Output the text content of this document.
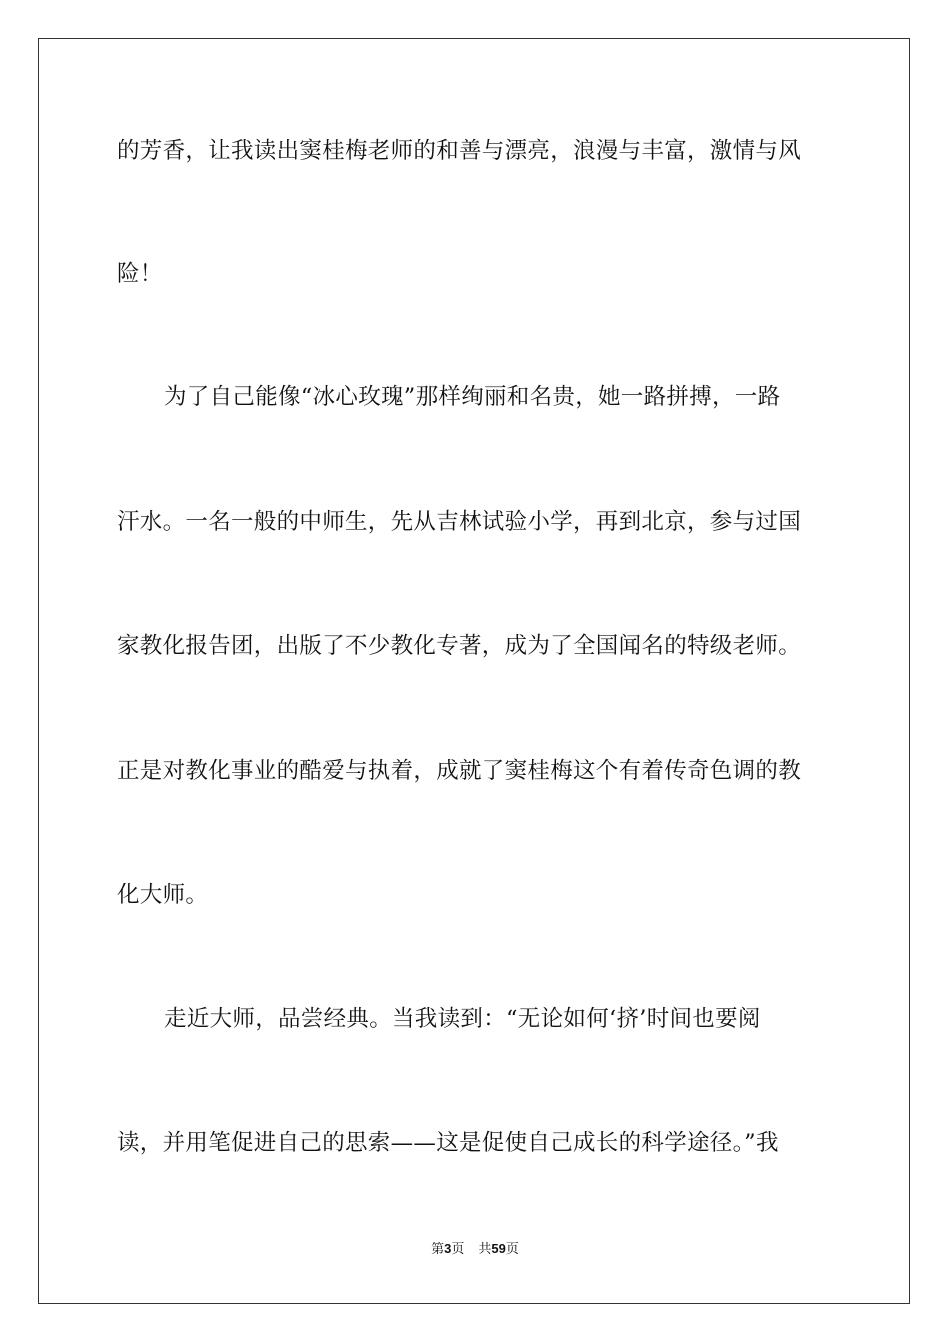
的芳香，让我读出窦桂梅老师的和善与漂亮，浪漫与丰富，激情与风
险！
为了自己能像“冰心玫瑰”那样绚丽和名贵，她一路拼搏，一路
汗水。一名一般的中师生，先从吉林试验小学，再到北京，参与过国
家教化报告团，出版了不少教化专著，成为了全国闻名的特级老师。
正是对教化事业的酷爱与执着，成就了窦桂梅这个有着传奇色调的教
化大师。
走近大师，品尝经典。当我读到：“无论如何‘挤’时间也要阅
读，并用笔促进自己的思索——这是促使自己成长的科学途径。”我
第3页 共59页
